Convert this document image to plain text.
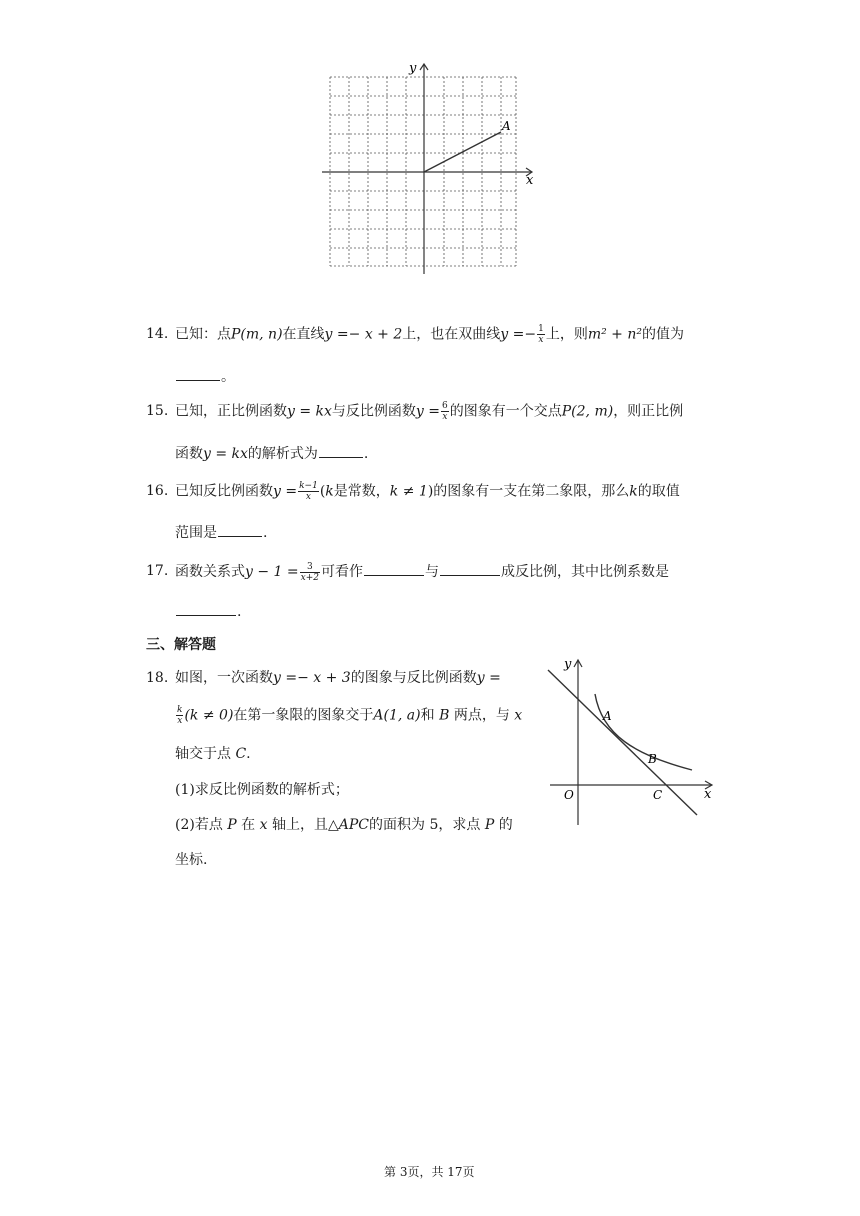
y
x
A
14. 已知：点P(m, n)在直线y =− x + 2上，也在双曲线$y =- \frac{1}{x}$ 上，则m² + n²的值为
。
15. 已知，正比例函数y = kx与反比例函数$y = \frac{6}{x}$ 的图象有一个交点P(2, m)，则正比例
函数y = kx的解析式为	.
16. 已知反比例函数$y = \frac{k-1}{x} (k$是常数，k ≠ 1)的图象有一支在第二象限，那么k的取值
范围是	.
17. 函数关系式$y - 1 = \frac{3}{x+2}$ 可看作	与	成反比例，其中比例系数是
.
三、解答题
18. 如图，一次函数y =− x + 3的图象与反比例函数y =
$\frac{k}{x} (k \ne 0)$在第一象限的图象交于A(1, a)和 B 两点，与 x
轴交于点 C.
(1)求反比例函数的解析式；
(2)若点 P 在 x 轴上，且△APC的面积为 5，求点 P 的
坐标.
y
x
O
A
B
C
第 3页，共 17页
